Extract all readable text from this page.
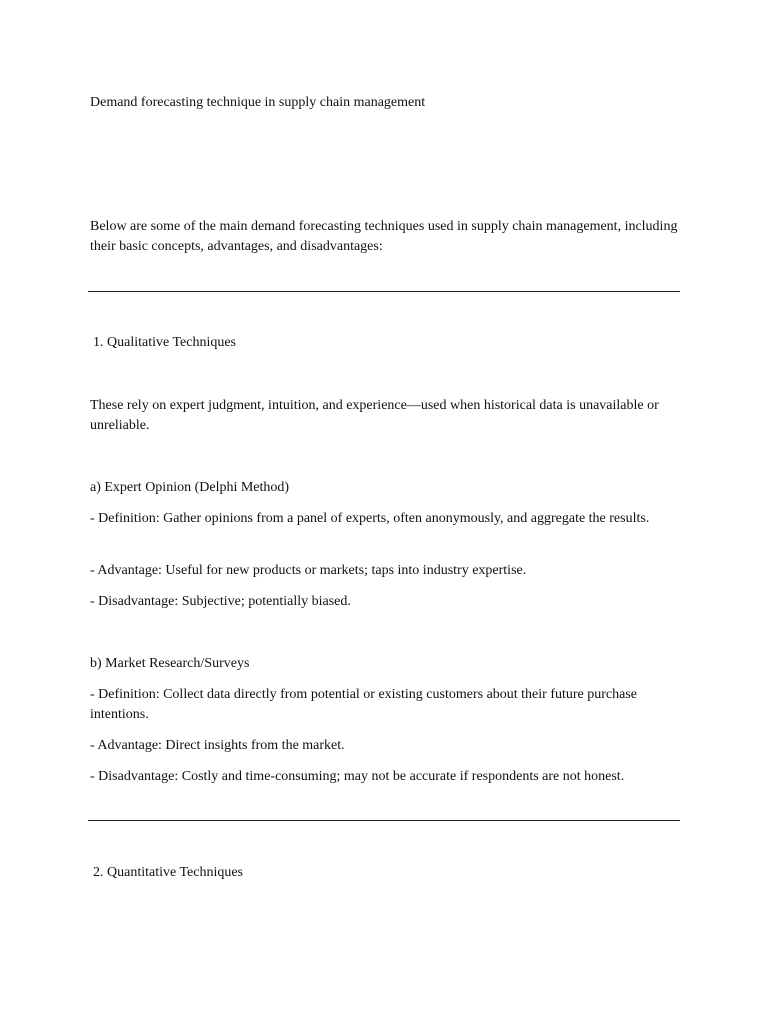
Demand forecasting technique in supply chain management
Below are some of the main demand forecasting techniques used in supply chain management, including their basic concepts, advantages, and disadvantages:
1. Qualitative Techniques
These rely on expert judgment, intuition, and experience—used when historical data is unavailable or unreliable.
a) Expert Opinion (Delphi Method)
- Definition: Gather opinions from a panel of experts, often anonymously, and aggregate the results.
- Advantage: Useful for new products or markets; taps into industry expertise.
- Disadvantage: Subjective; potentially biased.
b) Market Research/Surveys
- Definition: Collect data directly from potential or existing customers about their future purchase intentions.
- Advantage: Direct insights from the market.
- Disadvantage: Costly and time-consuming; may not be accurate if respondents are not honest.
2. Quantitative Techniques
